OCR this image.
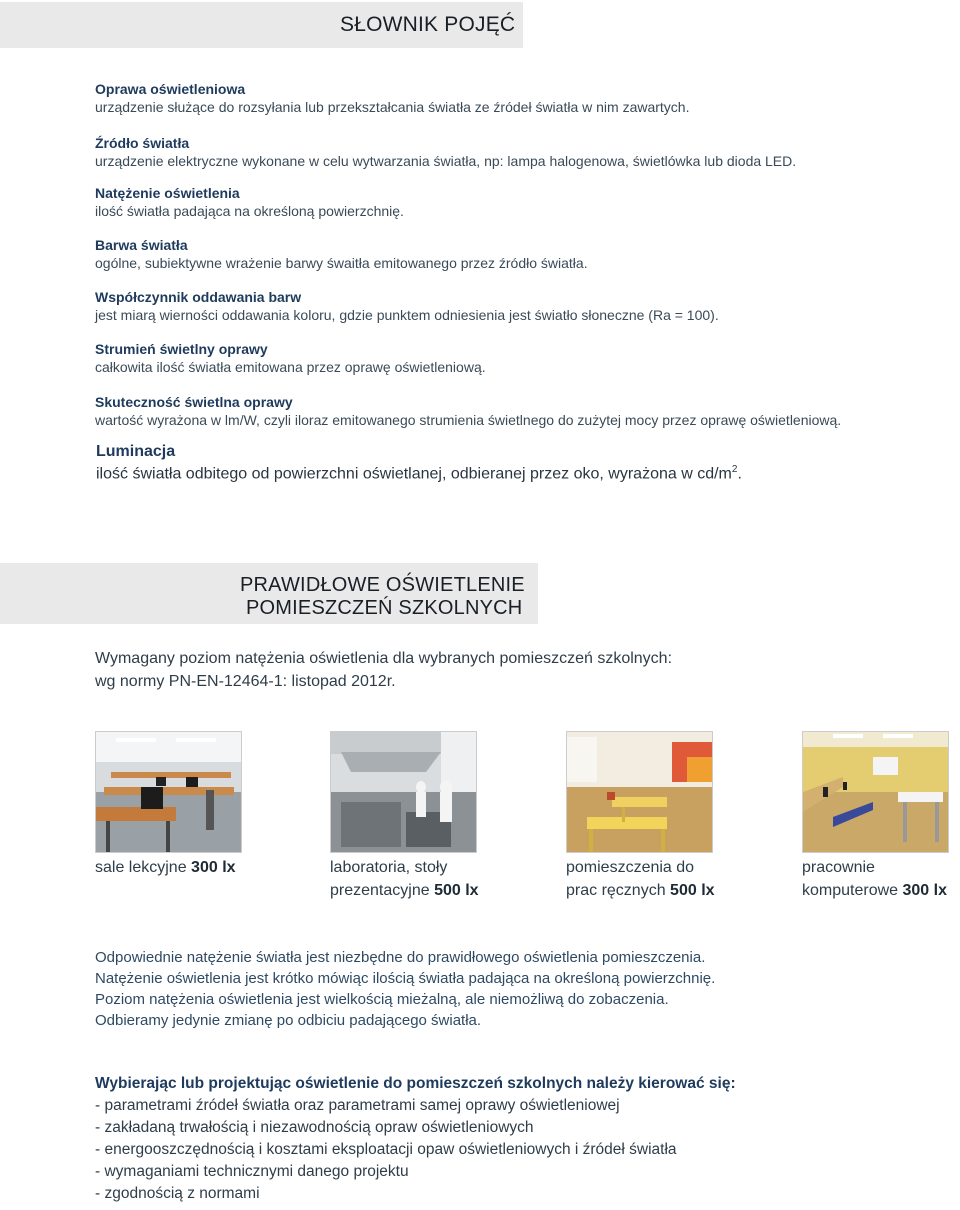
SŁOWNIK POJĘĆ
Oprawa oświetleniowa
urządzenie służące do rozsyłania lub przekształcania światła ze źródeł światła w nim zawartych.
Źródło światła
urządzenie elektryczne wykonane w celu wytwarzania światła, np: lampa halogenowa, świetlówka lub dioda LED.
Natężenie oświetlenia
ilość światła padająca na określoną powierzchnię.
Barwa światła
ogólne, subiektywne wrażenie barwy śwaitła emitowanego przez źródło światła.
Współczynnik oddawania barw
jest miarą wierności oddawania koloru, gdzie punktem odniesienia jest światło słoneczne (Ra = 100).
Strumień świetlny oprawy
całkowita ilość światła emitowana przez oprawę oświetleniową.
Skuteczność świetlna oprawy
wartość wyrażona w lm/W, czyli iloraz emitowanego strumienia świetlnego do zużytej mocy przez oprawę oświetleniową.
Luminacja
ilość światła odbitego od powierzchni oświetlanej, odbieranej przez oko, wyrażona w $cd/m^2$.
PRAWIDŁOWE OŚWIETLENIE
POMIESZCZEŃ SZKOLNYCH
Wymagany poziom natężenia oświetlenia dla wybranych pomieszczeń szkolnych:
wg normy PN-EN-12464-1: listopad 2012r.
sale lekcyjne 300 lx	laboratoria, stoły
prezentacyjne 500 lx
pomieszczenia do
prac ręcznych 500 lx
pracownie
komputerowe 300 lx
Odpowiednie natężenie światła jest niezbędne do prawidłowego oświetlenia pomieszczenia.
Natężenie oświetlenia jest krótko mówiąc ilością światła padająca na określoną powierzchnię.
Poziom natężenia oświetlenia jest wielkością mieżalną, ale niemożliwą do zobaczenia.
Odbieramy jedynie zmianę po odbiciu padającego światła.
Wybierając lub projektując oświetlenie do pomieszczeń szkolnych należy kierować się:
- parametrami źródeł światła oraz parametrami samej oprawy oświetleniowej
- zakładaną trwałością i niezawodnością opraw oświetleniowych
- energooszczędnością i kosztami eksploatacji opaw oświetleniowych i źródeł światła
- wymaganiami technicznymi danego projektu
- zgodnością z normami
